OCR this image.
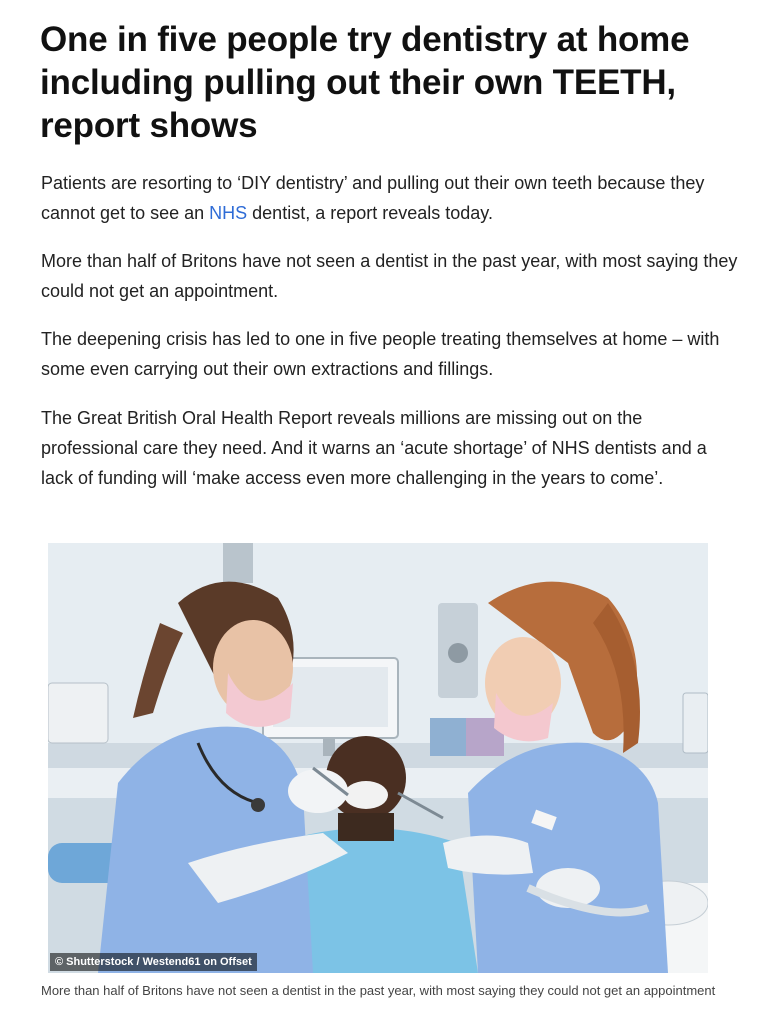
One in five people try dentistry at home including pulling out their own TEETH, report shows

Patients are resorting to ‘DIY dentistry’ and pulling out their own teeth because they cannot get to see an NHS dentist, a report reveals today.

More than half of Britons have not seen a dentist in the past year, with most saying they could not get an appointment.

The deepening crisis has led to one in five people treating themselves at home – with some even carrying out their own extractions and fillings.

The Great British Oral Health Report reveals millions are missing out on the professional care they need. And it warns an ‘acute shortage’ of NHS dentists and a lack of funding will ‘make access even more challenging in the years to come’.

© Shutterstock / Westend61 on Offset

More than half of Britons have not seen a dentist in the past year, with most saying they could not get an appointment
